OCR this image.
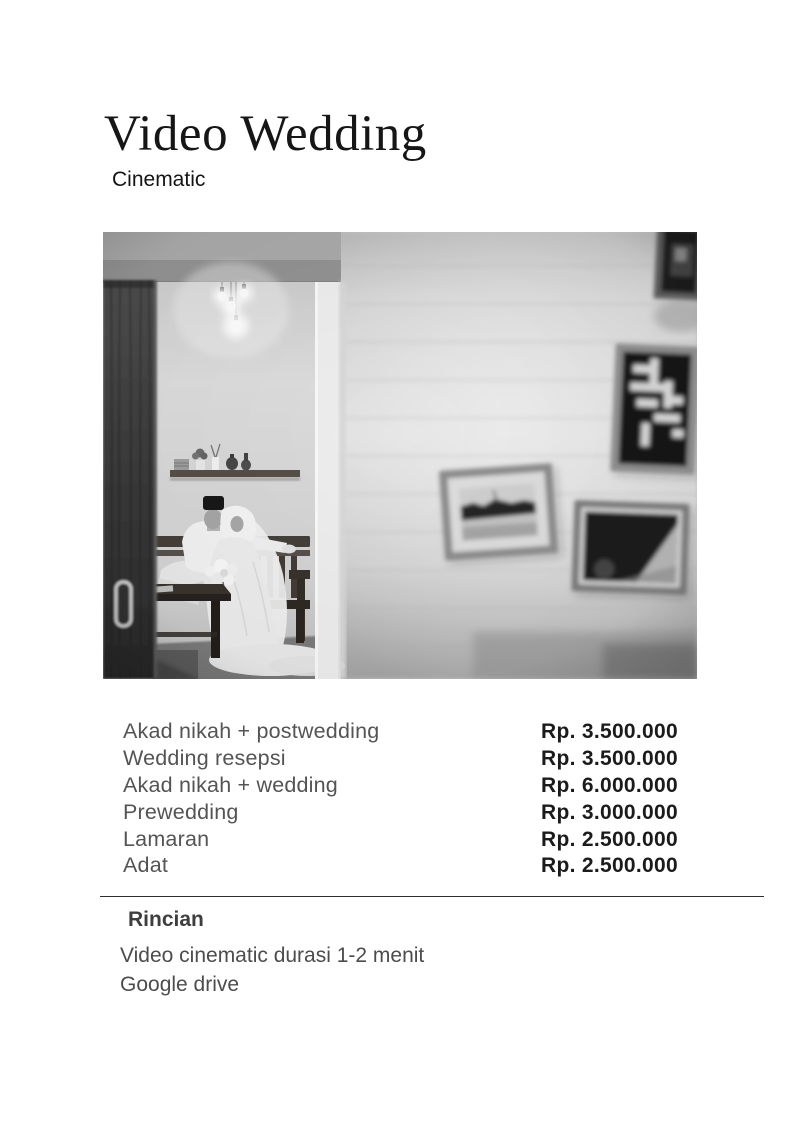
Video Wedding
Cinematic
Akad nikah + postwedding	Rp. 3.500.000
Wedding resepsi	Rp. 3.500.000
Akad nikah + wedding	Rp. 6.000.000
Prewedding	Rp. 3.000.000
Lamaran	Rp. 2.500.000
Adat	Rp. 2.500.000
Rincian
Video cinematic durasi 1-2 menit
Google drive
